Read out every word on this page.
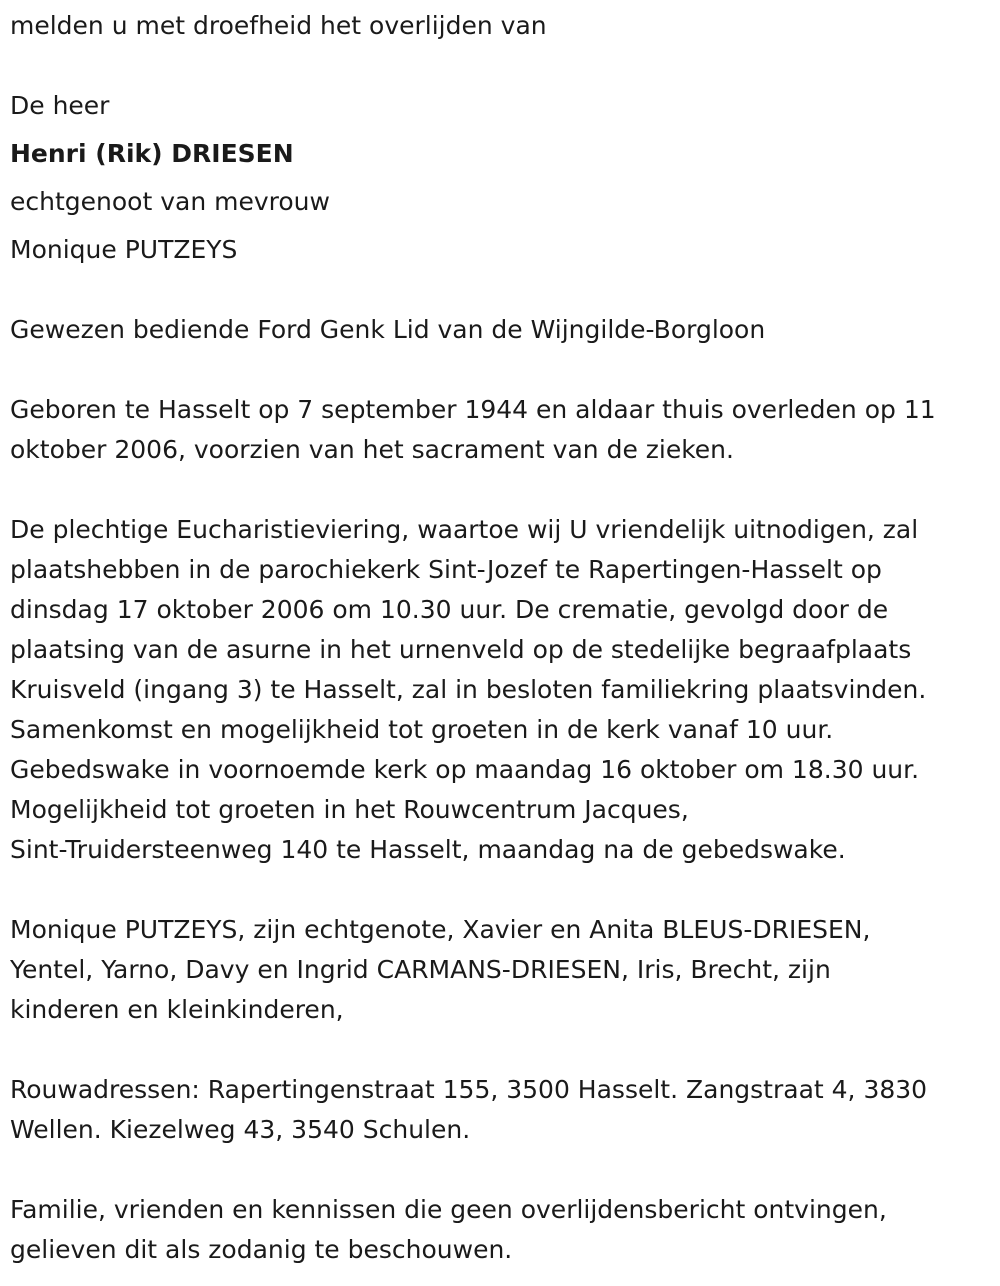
melden u met droefheid het overlijden van
De heer
Henri (Rik) DRIESEN
echtgenoot van mevrouw
Monique PUTZEYS
Gewezen bediende Ford Genk Lid van de Wijngilde-Borgloon
Geboren te Hasselt op 7 september 1944 en aldaar thuis overleden op 11
oktober 2006, voorzien van het sacrament van de zieken.
De plechtige Eucharistieviering, waartoe wij U vriendelijk uitnodigen, zal
plaatshebben in de parochiekerk Sint-Jozef te Rapertingen-Hasselt op
dinsdag 17 oktober 2006 om 10.30 uur. De crematie, gevolgd door de
plaatsing van de asurne in het urnenveld op de stedelijke begraafplaats
Kruisveld (ingang 3) te Hasselt, zal in besloten familiekring plaatsvinden.
Samenkomst en mogelijkheid tot groeten in de kerk vanaf 10 uur.
Gebedswake in voornoemde kerk op maandag 16 oktober om 18.30 uur.
Mogelijkheid tot groeten in het Rouwcentrum Jacques,
Sint-Truidersteenweg 140 te Hasselt, maandag na de gebedswake.
Monique PUTZEYS, zijn echtgenote, Xavier en Anita BLEUS-DRIESEN,
Yentel, Yarno, Davy en Ingrid CARMANS-DRIESEN, Iris, Brecht, zijn
kinderen en kleinkinderen,
Rouwadressen: Rapertingenstraat 155, 3500 Hasselt. Zangstraat 4, 3830
Wellen. Kiezelweg 43, 3540 Schulen.
Familie, vrienden en kennissen die geen overlijdensbericht ontvingen,
gelieven dit als zodanig te beschouwen.
